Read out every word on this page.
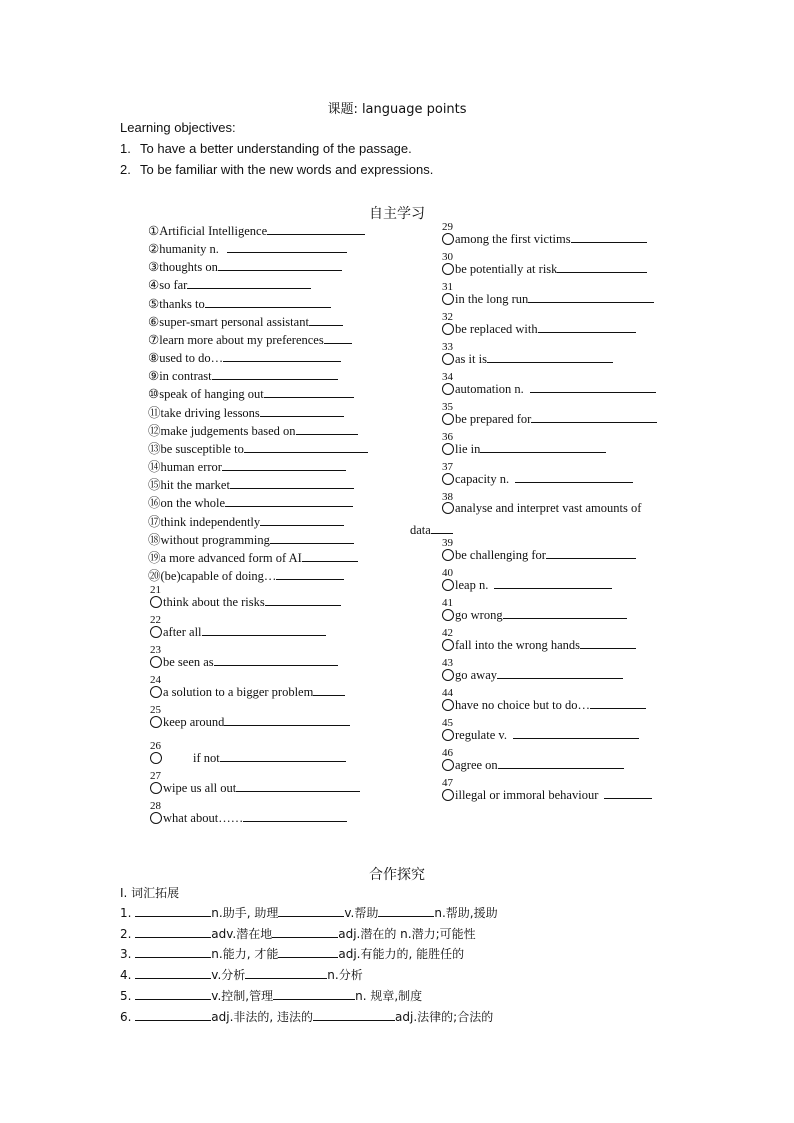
课题: language points
Learning objectives:
1. To have a better understanding of the passage.
2. To be familiar with the new words and expressions.
自主学习
①Artificial Intelligence
②humanity n.
③thoughts on
④so far
⑤thanks to
⑥super-smart personal assistant
⑦learn more about my preferences
⑧used to do…
⑨in contrast
⑩speak of hanging out
⑪take driving lessons
⑫make judgements based on
⑬be susceptible to
⑭human error
⑮hit the market
⑯on the whole
⑰think independently
⑱without programming
⑲a more advanced form of AI
⑳(be)capable of doing…
21
think about the risks
22
after all
23
be seen as
24
a solution to a bigger problem
25
keep around
26
if not
27
wipe us all out
28
what about……
29
among the first victims
30
be potentially at risk
31
in the long run
32
be replaced with
33
as it is
34
automation n.
35
be prepared for
36
lie in
37
capacity n.
38
analyse and interpret vast amounts of
data
39
be challenging for
40
leap n.
41
go wrong
42
fall into the wrong hands
43
go away
44
have no choice but to do…
45
regulate v.
46
agree on
47
illegal or immoral behaviour
合作探究
I. 词汇拓展
1.	n.助手, 助理	v.帮助	n.帮助,援助
2.	adv.潜在地	adj.潜在的 n.潜力;可能性
3.	n.能力, 才能	adj.有能力的, 能胜任的
4.	v.分析	n.分析
5.	v.控制,管理	n. 规章,制度
6.	adj.非法的, 违法的	adj.法律的;合法的
